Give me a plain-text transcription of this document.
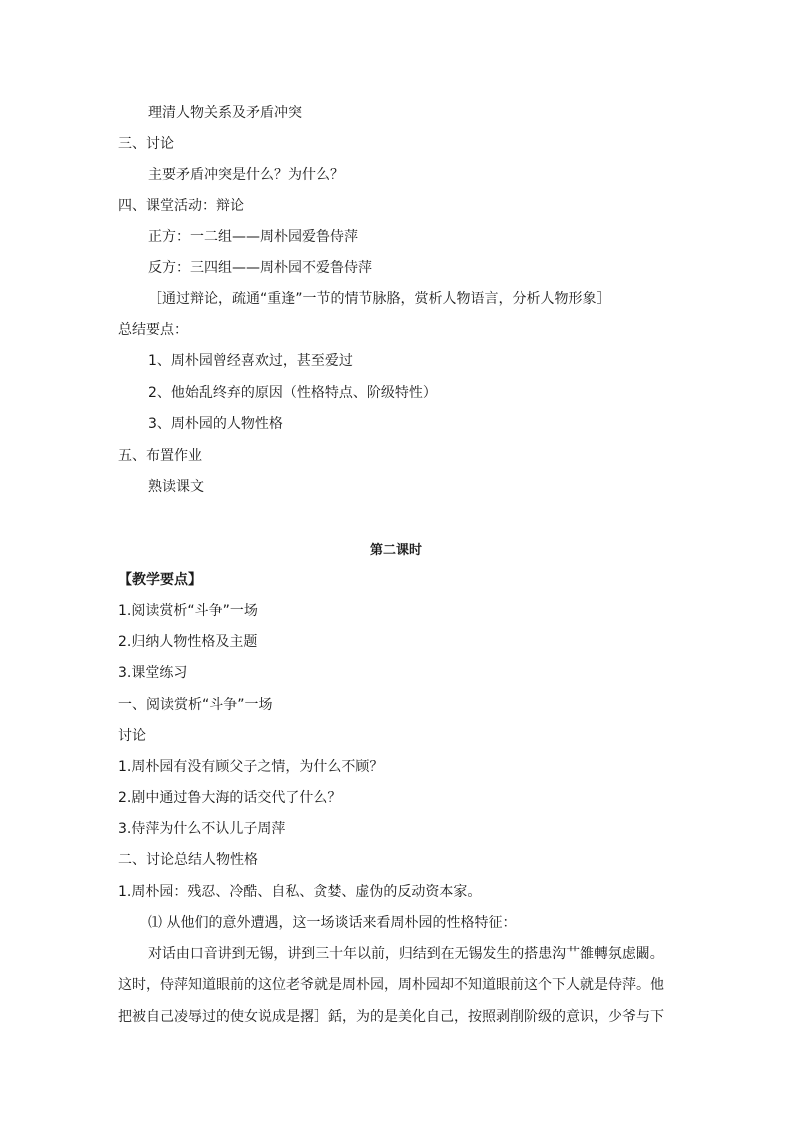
理清人物关系及矛盾冲突
三、讨论
主要矛盾冲突是什么？为什么？
四、课堂活动：辩论
正方：一二组——周朴园爱鲁侍萍
反方：三四组——周朴园不爱鲁侍萍
［通过辩论，疏通“重逢”一节的情节脉胳，赏析人物语言，分析人物形象］
总结要点：
1、周朴园曾经喜欢过，甚至爱过
2、他始乱终弃的原因（性格特点、阶级特性）
3、周朴园的人物性格
五、布置作业
熟读课文
第二课时
【教学要点】
1.阅读赏析“斗争”一场
2.归纳人物性格及主题
3.课堂练习
一、阅读赏析“斗争”一场
讨论
1.周朴园有没有顾父子之情，为什么不顾？
2.剧中通过鲁大海的话交代了什么？
3.侍萍为什么不认儿子周萍
二、讨论总结人物性格
1.周朴园：残忍、冷酷、自私、贪婪、虚伪的反动资本家。
⑴ 从他们的意外遭遇，这一场谈话来看周朴园的性格特征：
对话由口音讲到无锡，讲到三十年以前，归结到在无锡发生的搭患沟艹雒轉氛虑闞。
这时，侍萍知道眼前的这位老爷就是周朴园，周朴园却不知道眼前这个下人就是侍萍。他
把被自己凌辱过的使女说成是撂］銛，为的是美化自己，按照剥削阶级的意识，少爷与下
